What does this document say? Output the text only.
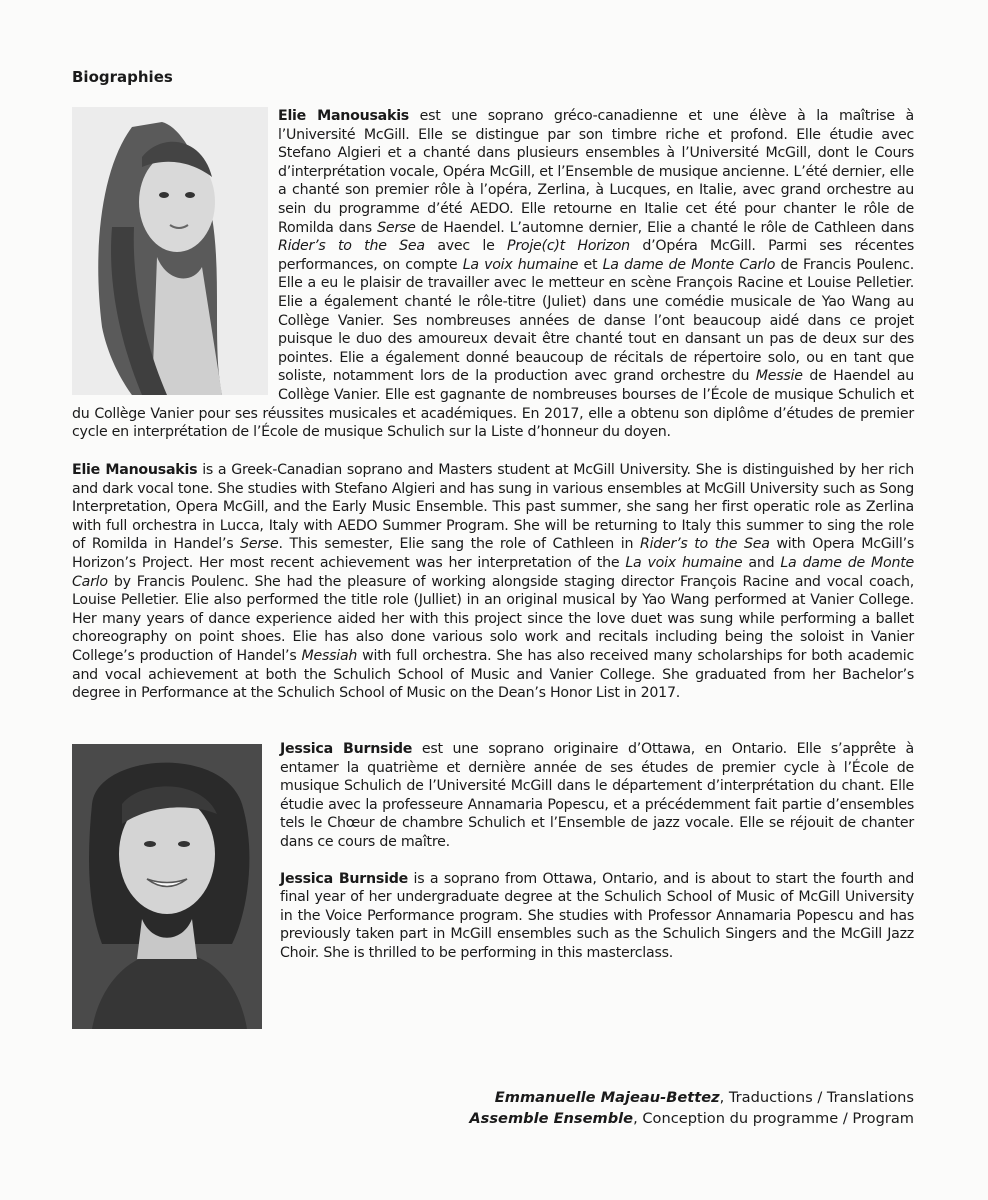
Biographies
Elie Manousakis est une soprano gréco-canadienne et une élève à la maîtrise à l’Université McGill. Elle se distingue par son timbre riche et profond. Elle étudie avec Stefano Algieri et a chanté dans plusieurs ensembles à l’Université McGill, dont le Cours d’interprétation vocale, Opéra McGill, et l’Ensemble de musique ancienne. L’été dernier, elle a chanté son premier rôle à l’opéra, Zerlina, à Lucques, en Italie, avec grand orchestre au sein du programme d’été AEDO. Elle retourne en Italie cet été pour chanter le rôle de Romilda dans Serse de Haendel. L’automne dernier, Elie a chanté le rôle de Cathleen dans Rider’s to the Sea avec le Proje(c)t Horizon d’Opéra McGill. Parmi ses récentes performances, on compte La voix humaine et La dame de Monte Carlo de Francis Poulenc. Elle a eu le plaisir de travailler avec le metteur en scène François Racine et Louise Pelletier. Elie a également chanté le rôle-titre (Juliet) dans une comédie musicale de Yao Wang au Collège Vanier. Ses nombreuses années de danse l’ont beaucoup aidé dans ce projet puisque le duo des amoureux devait être chanté tout en dansant un pas de deux sur des pointes. Elie a également donné beaucoup de récitals de répertoire solo, ou en tant que soliste, notamment lors de la production avec grand orchestre du Messie de Haendel au Collège Vanier. Elle est gagnante de nombreuses bourses de l’École de musique Schulich et du Collège Vanier pour ses réussites musicales et académiques. En 2017, elle a obtenu son diplôme d’études de premier cycle en interprétation de l’École de musique Schulich sur la Liste d’honneur du doyen.
Elie Manousakis is a Greek-Canadian soprano and Masters student at McGill University. She is distinguished by her rich and dark vocal tone. She studies with Stefano Algieri and has sung in various ensembles at McGill University such as Song Interpretation, Opera McGill, and the Early Music Ensemble. This past summer, she sang her first operatic role as Zerlina with full orchestra in Lucca, Italy with AEDO Summer Program. She will be returning to Italy this summer to sing the role of Romilda in Handel’s Serse. This semester, Elie sang the role of Cathleen in Rider’s to the Sea with Opera McGill’s Horizon’s Project. Her most recent achievement was her interpretation of the La voix humaine and La dame de Monte Carlo by Francis Poulenc. She had the pleasure of working alongside staging director François Racine and vocal coach, Louise Pelletier. Elie also performed the title role (Julliet) in an original musical by Yao Wang performed at Vanier College. Her many years of dance experience aided her with this project since the love duet was sung while performing a ballet choreography on point shoes. Elie has also done various solo work and recitals including being the soloist in Vanier College’s production of Handel’s Messiah with full orchestra. She has also received many scholarships for both academic and vocal achievement at both the Schulich School of Music and Vanier College. She graduated from her Bachelor’s degree in Performance at the Schulich School of Music on the Dean’s Honor List in 2017.
Jessica Burnside est une soprano originaire d’Ottawa, en Ontario. Elle s’apprête à entamer la quatrième et dernière année de ses études de premier cycle à l’École de musique Schulich de l’Université McGill dans le département d’interprétation du chant. Elle étudie avec la professeure Annamaria Popescu, et a précédemment fait partie d’ensembles tels le Chœur de chambre Schulich et l’Ensemble de jazz vocale. Elle se réjouit de chanter dans ce cours de maître.
Jessica Burnside is a soprano from Ottawa, Ontario, and is about to start the fourth and final year of her undergraduate degree at the Schulich School of Music of McGill University in the Voice Performance program. She studies with Professor Annamaria Popescu and has previously taken part in McGill ensembles such as the Schulich Singers and the McGill Jazz Choir. She is thrilled to be performing in this masterclass.
Emmanuelle Majeau-Bettez, Traductions / Translations
Assemble Ensemble, Conception du programme / Program
